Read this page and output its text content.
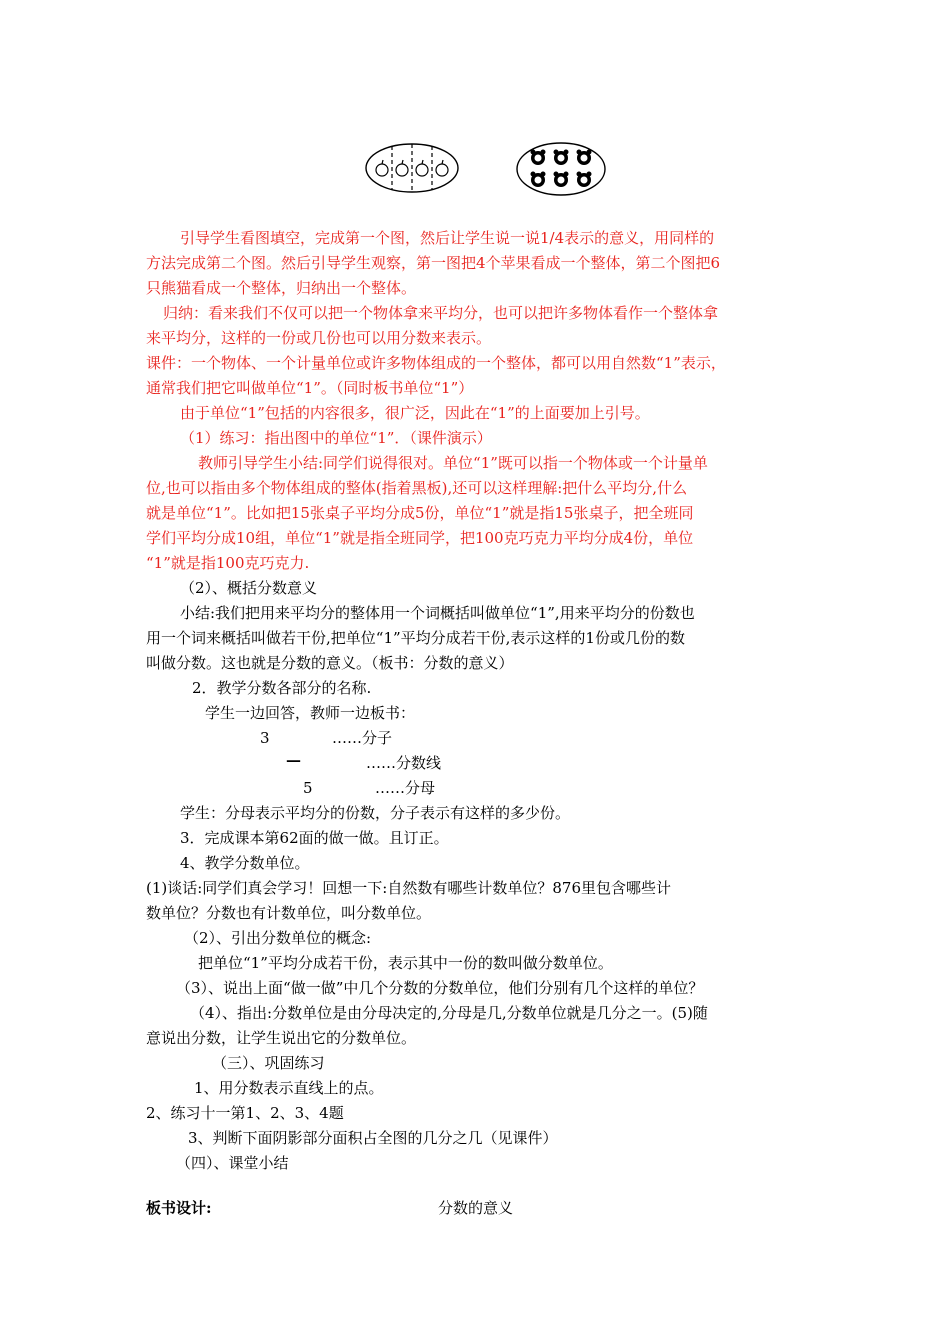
引导学生看图填空，完成第一个图，然后让学生说一说1/4表示的意义，用同样的
方法完成第二个图。然后引导学生观察，第一图把4个苹果看成一个整体，第二个图把6
只熊猫看成一个整体，归纳出一个整体。
归纳：看来我们不仅可以把一个物体拿来平均分，也可以把许多物体看作一个整体拿
来平均分，这样的一份或几份也可以用分数来表示。
课件：一个物体、一个计量单位或许多物体组成的一个整体，都可以用自然数“1”表示，
通常我们把它叫做单位“1”。（同时板书单位“1”）
由于单位“1”包括的内容很多，很广泛，因此在“1”的上面要加上引号。
（1）练习：指出图中的单位“1”．（课件演示）
教师引导学生小结:同学们说得很对。单位“1”既可以指一个物体或一个计量单
位,也可以指由多个物体组成的整体(指着黑板),还可以这样理解:把什么平均分,什么
就是单位“1”。比如把15张桌子平均分成5份，单位“1”就是指15张桌子，把全班同
学们平均分成10组，单位“1”就是指全班同学，把100克巧克力平均分成4份，单位
“1”就是指100克巧克力.
（2）、概括分数意义
小结:我们把用来平均分的整体用一个词概括叫做单位“1”,用来平均分的份数也
用一个词来概括叫做若干份,把单位“1”平均分成若干份,表示这样的1份或几份的数
叫做分数。这也就是分数的意义。（板书：分数的意义）
2．教学分数各部分的名称.
学生一边回答，教师一边板书：
3	……分子
—	……分数线
5	……分母
学生：分母表示平均分的份数，分子表示有这样的多少份。
3．完成课本第62面的做一做。且订正。
4、教学分数单位。
(1)谈话:同学们真会学习！回想一下:自然数有哪些计数单位？876里包含哪些计
数单位？分数也有计数单位，叫分数单位。
（2）、引出分数单位的概念:
把单位“1”平均分成若干份，表示其中一份的数叫做分数单位。
（3）、说出上面“做一做”中几个分数的分数单位，他们分别有几个这样的单位？
（4）、指出:分数单位是由分母决定的,分母是几,分数单位就是几分之一。(5)随
意说出分数，让学生说出它的分数单位。
（三）、巩固练习
1、用分数表示直线上的点。
2、练习十一第1、2、3、4题
3、判断下面阴影部分面积占全图的几分之几（见课件）
（四）、课堂小结
板书设计:	分数的意义
